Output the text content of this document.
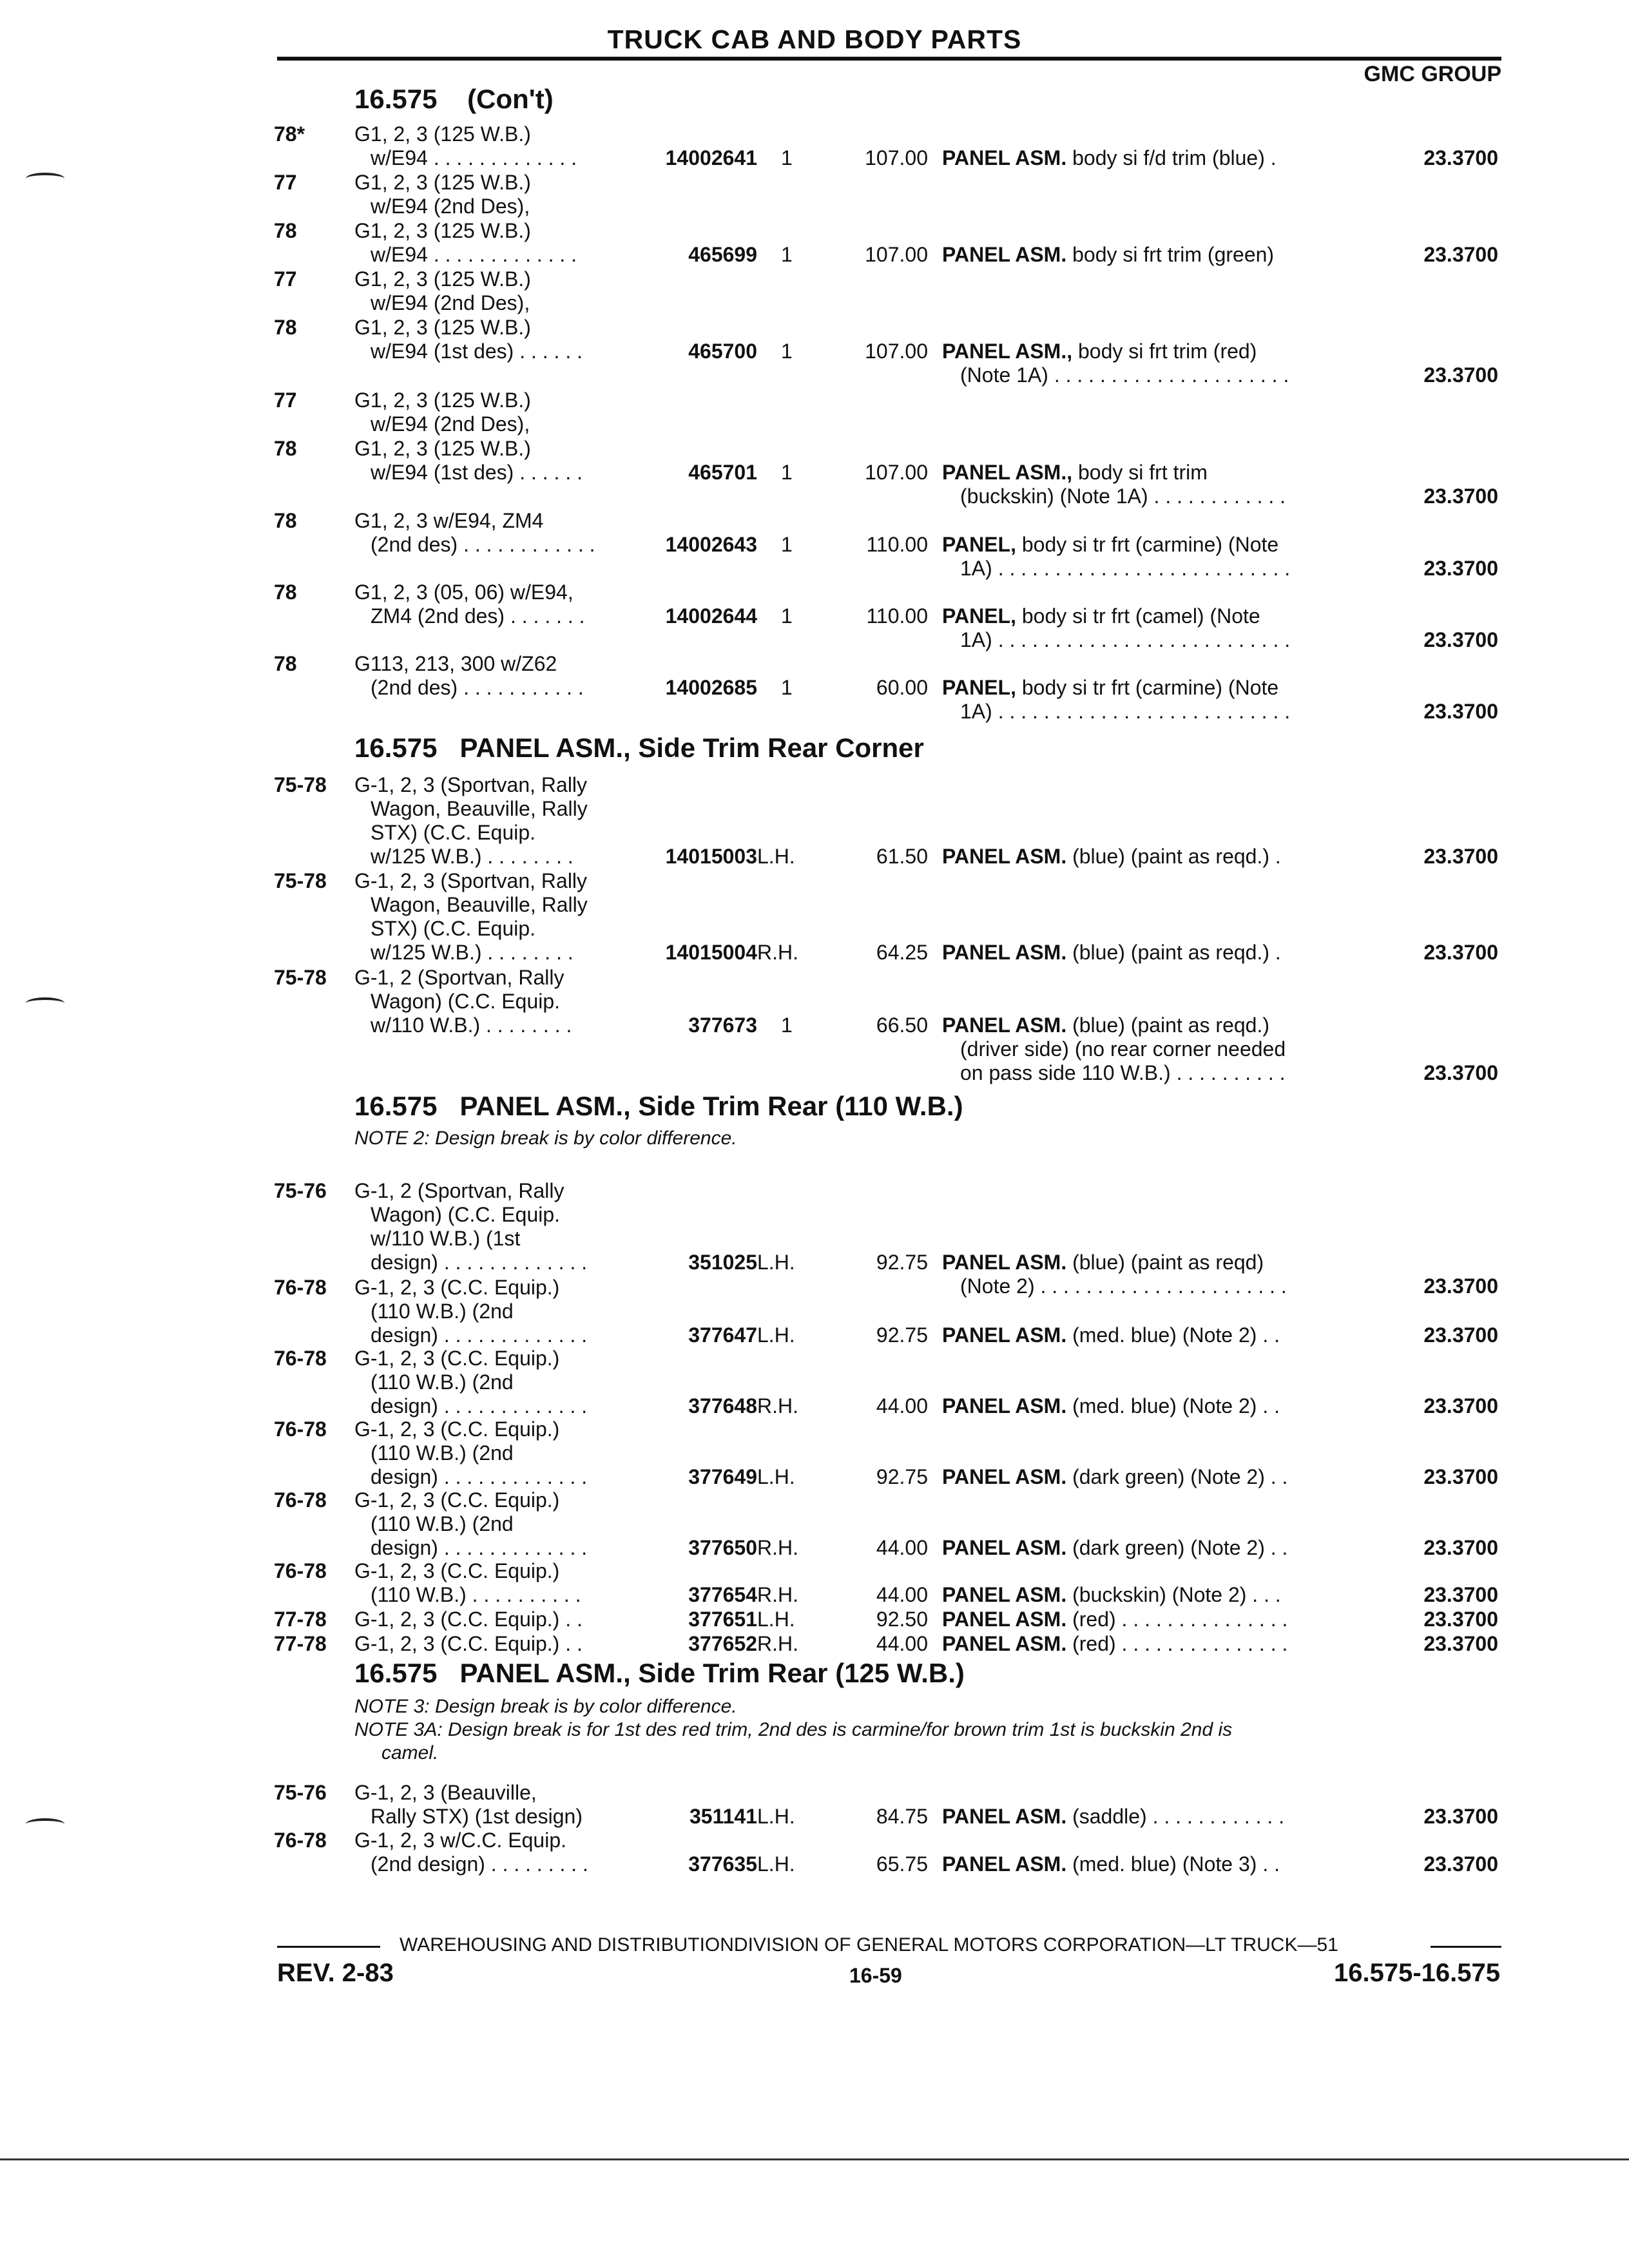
TRUCK CAB AND BODY PARTS
GMC GROUP
16.575 (Con't)
78* G1, 2, 3 (125 W.B.)
w/E94 . . . . . . . . . . . . .	14002641 1	107.00 PANEL ASM. body si f/d trim (blue) .	23.3700
77	G1, 2, 3 (125 W.B.)
w/E94 (2nd Des),
78	G1, 2, 3 (125 W.B.)
w/E94 . . . . . . . . . . . . .	465699 1	107.00 PANEL ASM. body si frt trim (green)	23.3700
77	G1, 2, 3 (125 W.B.)
w/E94 (2nd Des),
78	G1, 2, 3 (125 W.B.)
w/E94 (1st des) . . . . . .	465700 1	107.00 PANEL ASM., body si frt trim (red)
(Note 1A) . . . . . . . . . . . . . . . . . . . . .	23.3700
77	G1, 2, 3 (125 W.B.)
w/E94 (2nd Des),
78	G1, 2, 3 (125 W.B.)
w/E94 (1st des) . . . . . .	465701 1	107.00 PANEL ASM., body si frt trim
(buckskin) (Note 1A) . . . . . . . . . . . .	23.3700
78	G1, 2, 3 w/E94, ZM4
(2nd des) . . . . . . . . . . . .	14002643 1	110.00 PANEL, body si tr frt (carmine) (Note
1A) . . . . . . . . . . . . . . . . . . . . . . . . . .	23.3700
78	G1, 2, 3 (05, 06) w/E94,
ZM4 (2nd des) . . . . . . .	14002644 1	110.00 PANEL, body si tr frt (camel) (Note
1A) . . . . . . . . . . . . . . . . . . . . . . . . . .	23.3700
78	G113, 213, 300 w/Z62
(2nd des) . . . . . . . . . . .	14002685 1	60.00 PANEL, body si tr frt (carmine) (Note
1A) . . . . . . . . . . . . . . . . . . . . . . . . . .	23.3700
75-78 G-1, 2, 3 (Sportvan, Rally
Wagon, Beauville, Rally
STX) (C.C. Equip.
w/125 W.B.) . . . . . . . .	14015003 L.H.	61.50 PANEL ASM. (blue) (paint as reqd.) .	23.3700
75-78 G-1, 2, 3 (Sportvan, Rally
Wagon, Beauville, Rally
STX) (C.C. Equip.
w/125 W.B.) . . . . . . . .	14015004 R.H.	64.25 PANEL ASM. (blue) (paint as reqd.) .	23.3700
75-78 G-1, 2 (Sportvan, Rally
Wagon) (C.C. Equip.
w/110 W.B.) . . . . . . . .	377673 1	66.50 PANEL ASM. (blue) (paint as reqd.)
(driver side) (no rear corner needed
on pass side 110 W.B.) . . . . . . . . . .	23.3700
75-76 G-1, 2 (Sportvan, Rally
Wagon) (C.C. Equip.
w/110 W.B.) (1st
design) . . . . . . . . . . . . .	351025 L.H.	92.75 PANEL ASM. (blue) (paint as reqd)
(Note 2) . . . . . . . . . . . . . . . . . . . . . .	23.3700
76-78 G-1, 2, 3 (C.C. Equip.)
(110 W.B.) (2nd
design) . . . . . . . . . . . . .	377647 L.H.	92.75 PANEL ASM. (med. blue) (Note 2) . .	23.3700
76-78 G-1, 2, 3 (C.C. Equip.)
(110 W.B.) (2nd
design) . . . . . . . . . . . . .	377648 R.H.	44.00 PANEL ASM. (med. blue) (Note 2) . .	23.3700
76-78 G-1, 2, 3 (C.C. Equip.)
(110 W.B.) (2nd
design) . . . . . . . . . . . . .	377649 L.H.	92.75 PANEL ASM. (dark green) (Note 2) . .	23.3700
76-78 G-1, 2, 3 (C.C. Equip.)
(110 W.B.) (2nd
design) . . . . . . . . . . . . .	377650 R.H.	44.00 PANEL ASM. (dark green) (Note 2) . .	23.3700
76-78 G-1, 2, 3 (C.C. Equip.)
(110 W.B.) . . . . . . . . . .	377654 R.H.	44.00 PANEL ASM. (buckskin) (Note 2) . . .	23.3700
77-78 G-1, 2, 3 (C.C. Equip.) . .	377651 L.H.	92.50 PANEL ASM. (red) . . . . . . . . . . . . . . .	23.3700
77-78 G-1, 2, 3 (C.C. Equip.) . .	377652 R.H.	44.00 PANEL ASM. (red) . . . . . . . . . . . . . . .	23.3700
75-76 G-1, 2, 3 (Beauville,
Rally STX) (1st design)	351141 L.H.	84.75 PANEL ASM. (saddle) . . . . . . . . . . . .	23.3700
76-78 G-1, 2, 3 w/C.C. Equip.
(2nd design) . . . . . . . . .	377635 L.H.	65.75 PANEL ASM. (med. blue) (Note 3) . .	23.3700
16.575 PANEL ASM., Side Trim Rear Corner
16.575 PANEL ASM., Side Trim Rear (110 W.B.)
NOTE 2: Design break is by color difference.
16.575 PANEL ASM., Side Trim Rear (125 W.B.)
NOTE 3: Design break is by color difference.
NOTE 3A: Design break is for 1st des red trim, 2nd des is carmine/for brown trim 1st is buckskin 2nd is
camel.
WAREHOUSING AND DISTRIBUTIONDIVISION OF GENERAL MOTORS CORPORATION—LT TRUCK—51
REV. 2-83	16-59	16.575-16.575
